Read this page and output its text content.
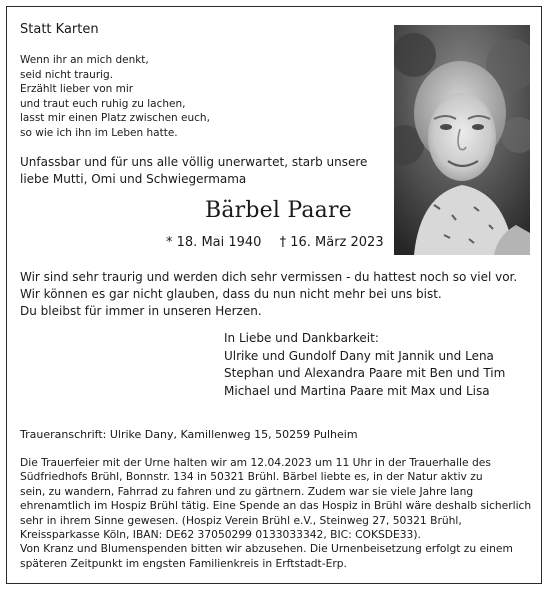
Statt Karten
Wenn ihr an mich denkt,
seid nicht traurig.
Erzählt lieber von mir
und traut euch ruhig zu lachen,
lasst mir einen Platz zwischen euch,
so wie ich ihn im Leben hatte.
Unfassbar und für uns alle völlig unerwartet, starb unsere
liebe Mutti, Omi und Schwiegermama
Bärbel Paare
* 18. Mai 1940 † 16. März 2023
Wir sind sehr traurig und werden dich sehr vermissen - du hattest noch so viel vor.
Wir können es gar nicht glauben, dass du nun nicht mehr bei uns bist.
Du bleibst für immer in unseren Herzen.
In Liebe und Dankbarkeit:
Ulrike und Gundolf Dany mit Jannik und Lena
Stephan und Alexandra Paare mit Ben und Tim
Michael und Martina Paare mit Max und Lisa
Traueranschrift: Ulrike Dany, Kamillenweg 15, 50259 Pulheim
Die Trauerfeier mit der Urne halten wir am 12.04.2023 um 11 Uhr in der Trauerhalle des
Südfriedhofs Brühl, Bonnstr. 134 in 50321 Brühl. Bärbel liebte es, in der Natur aktiv zu
sein, zu wandern, Fahrrad zu fahren und zu gärtnern. Zudem war sie viele Jahre lang
ehrenamtlich im Hospiz Brühl tätig. Eine Spende an das Hospiz in Brühl wäre deshalb sicherlich
sehr in ihrem Sinne gewesen. (Hospiz Verein Brühl e.V., Steinweg 27, 50321 Brühl,
Kreissparkasse Köln, IBAN: DE62 37050299 0133033342, BIC: COKSDE33).
Von Kranz und Blumenspenden bitten wir abzusehen. Die Urnenbeisetzung erfolgt zu einem
späteren Zeitpunkt im engsten Familienkreis in Erftstadt-Erp.
